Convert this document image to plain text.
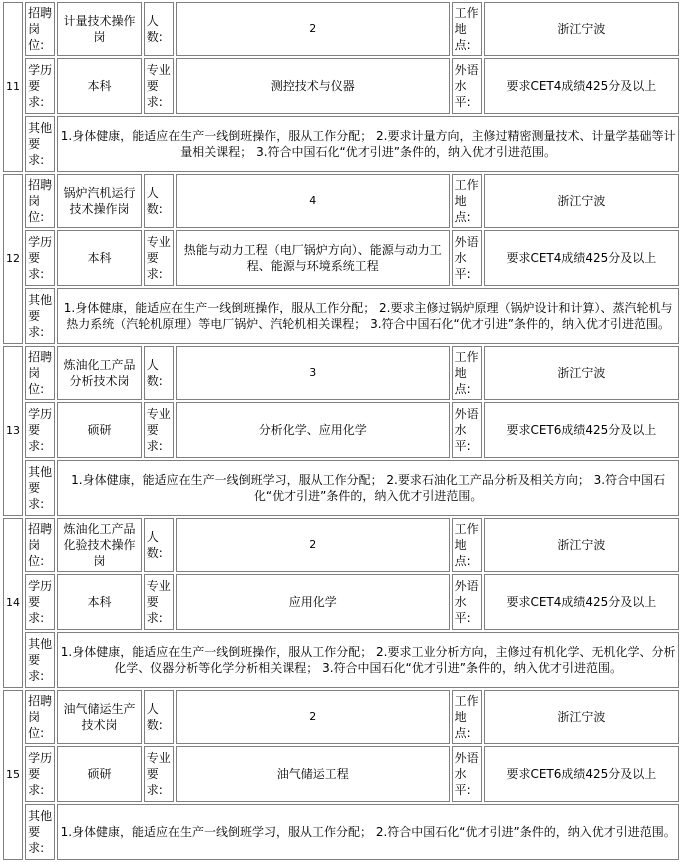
11	招聘岗位:	计量技术操作岗	人数:	2	工作地点:	浙江宁波
	学历要求:	本科	专业要求:	测控技术与仪器	外语水平:	要求CET4成绩425分及以上
	其他要求:	1.身体健康，能适应在生产一线倒班操作，服从工作分配； 2.要求计量方向，主修过精密测量技术、计量学基础等计量相关课程； 3.符合中国石化“优才引进”条件的，纳入优才引进范围。				
12	招聘岗位:	锅炉汽机运行技术操作岗	人数:	4	工作地点:	浙江宁波
	学历要求:	本科	专业要求:	热能与动力工程（电厂锅炉方向）、能源与动力工程、能源与环境系统工程	外语水平:	要求CET4成绩425分及以上
	其他要求:	1.身体健康，能适应在生产一线倒班操作，服从工作分配； 2.要求主修过锅炉原理（锅炉设计和计算）、蒸汽轮机与热力系统（汽轮机原理）等电厂锅炉、汽轮机相关课程； 3.符合中国石化“优才引进”条件的，纳入优才引进范围。				
13	招聘岗位:	炼油化工产品分析技术岗	人数:	3	工作地点:	浙江宁波
	学历要求:	硕研	专业要求:	分析化学、应用化学	外语水平:	要求CET6成绩425分及以上
	其他要求:	1.身体健康，能适应在生产一线倒班学习，服从工作分配； 2.要求石油化工产品分析及相关方向； 3.符合中国石化“优才引进”条件的，纳入优才引进范围。				
14	招聘岗位:	炼油化工产品化验技术操作岗	人数:	2	工作地点:	浙江宁波
	学历要求:	本科	专业要求:	应用化学	外语水平:	要求CET4成绩425分及以上
	其他要求:	1.身体健康，能适应在生产一线倒班操作，服从工作分配； 2.要求工业分析方向，主修过有机化学、无机化学、分析化学、仪器分析等化学分析相关课程； 3.符合中国石化“优才引进”条件的，纳入优才引进范围。				
15	招聘岗位:	油气储运生产技术岗	人数:	2	工作地点:	浙江宁波
	学历要求:	硕研	专业要求:	油气储运工程	外语水平:	要求CET6成绩425分及以上
	其他要求:	1.身体健康，能适应在生产一线倒班学习，服从工作分配； 2.符合中国石化“优才引进”条件的，纳入优才引进范围。				
